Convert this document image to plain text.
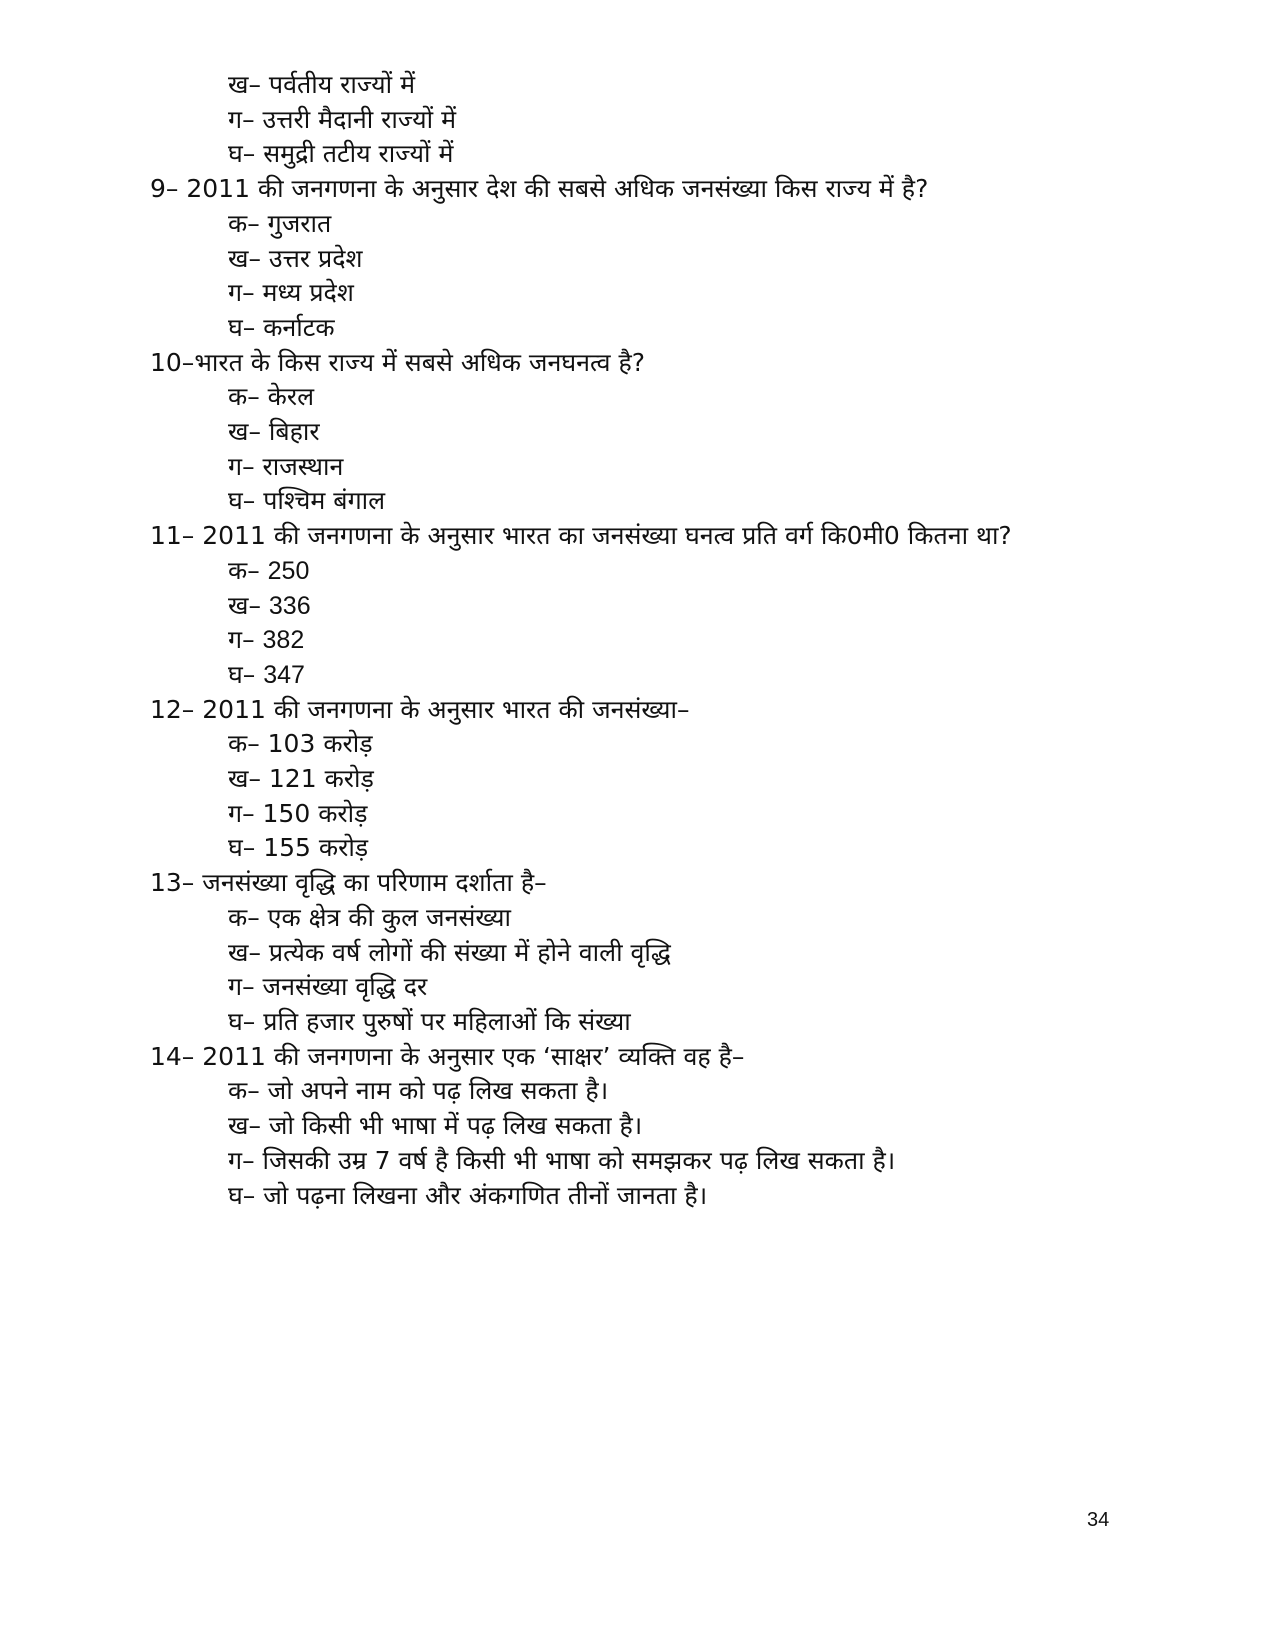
ख– पर्वतीय राज्यों में
ग– उत्तरी मैदानी राज्यों में
घ– समुद्री तटीय राज्यों में
9– 2011 की जनगणना के अनुसार देश की सबसे अधिक जनसंख्या किस राज्य में है?
क– गुजरात
ख– उत्तर प्रदेश
ग– मध्य प्रदेश
घ– कर्नाटक
10–भारत के किस राज्य में सबसे अधिक जनघनत्व है?
क– केरल
ख– बिहार
ग– राजस्थान
घ– पश्चिम बंगाल
11– 2011 की जनगणना के अनुसार भारत का जनसंख्या घनत्व प्रति वर्ग कि0मी0 कितना था?
क– 250
ख– 336
ग– 382
घ– 347
12– 2011 की जनगणना के अनुसार भारत की जनसंख्या–
क– 103 करोड़
ख– 121 करोड़
ग– 150 करोड़
घ– 155 करोड़
13– जनसंख्या वृद्धि का परिणाम दर्शाता है–
क– एक क्षेत्र की कुल जनसंख्या
ख– प्रत्येक वर्ष लोगों की संख्या में होने वाली वृद्धि
ग– जनसंख्या वृद्धि दर
घ– प्रति हजार पुरुषों पर महिलाओं कि संख्या
14– 2011 की जनगणना के अनुसार एक ‘साक्षर’ व्यक्ति वह है–
क– जो अपने नाम को पढ़ लिख सकता है।
ख– जो किसी भी भाषा में पढ़ लिख सकता है।
ग– जिसकी उम्र 7 वर्ष है किसी भी भाषा को समझकर पढ़ लिख सकता है।
घ– जो पढ़ना लिखना और अंकगणित तीनों जानता है।
34
